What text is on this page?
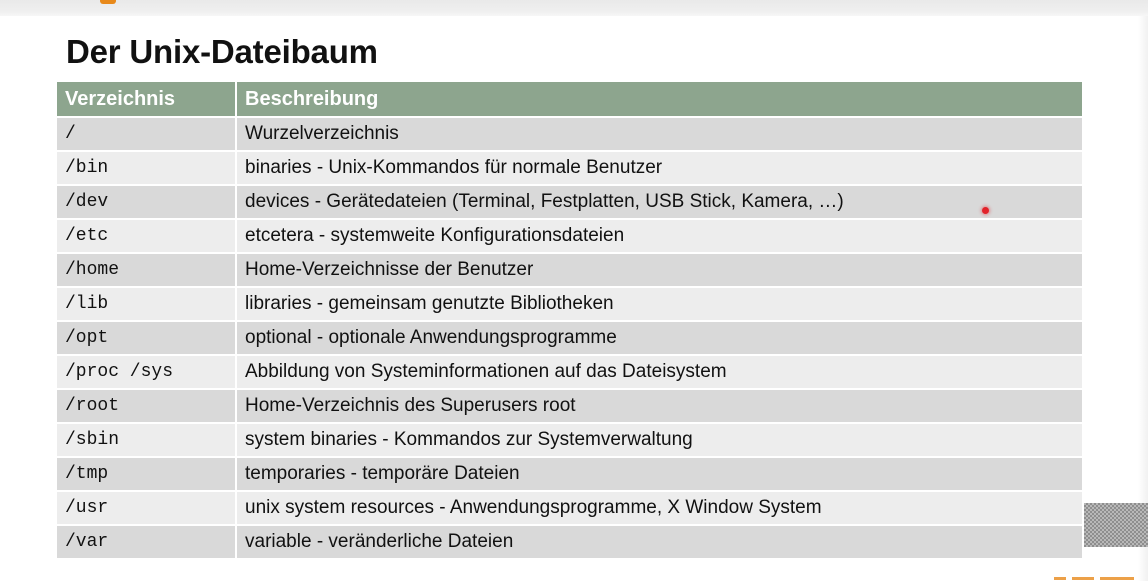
Der Unix-Dateibaum
Verzeichnis	Beschreibung
/	Wurzelverzeichnis
/bin	binaries - Unix-Kommandos für normale Benutzer
/dev	devices - Gerätedateien (Terminal, Festplatten, USB Stick, Kamera, …)
/etc	etcetera - systemweite Konfigurationsdateien
/home	Home-Verzeichnisse der Benutzer
/lib	libraries - gemeinsam genutzte Bibliotheken
/opt	optional - optionale Anwendungsprogramme
/proc /sys	Abbildung von Systeminformationen auf das Dateisystem
/root	Home-Verzeichnis des Superusers root
/sbin	system binaries - Kommandos zur Systemverwaltung
/tmp	temporaries - temporäre Dateien
/usr	unix system resources - Anwendungsprogramme, X Window System
/var	variable - veränderliche Dateien
